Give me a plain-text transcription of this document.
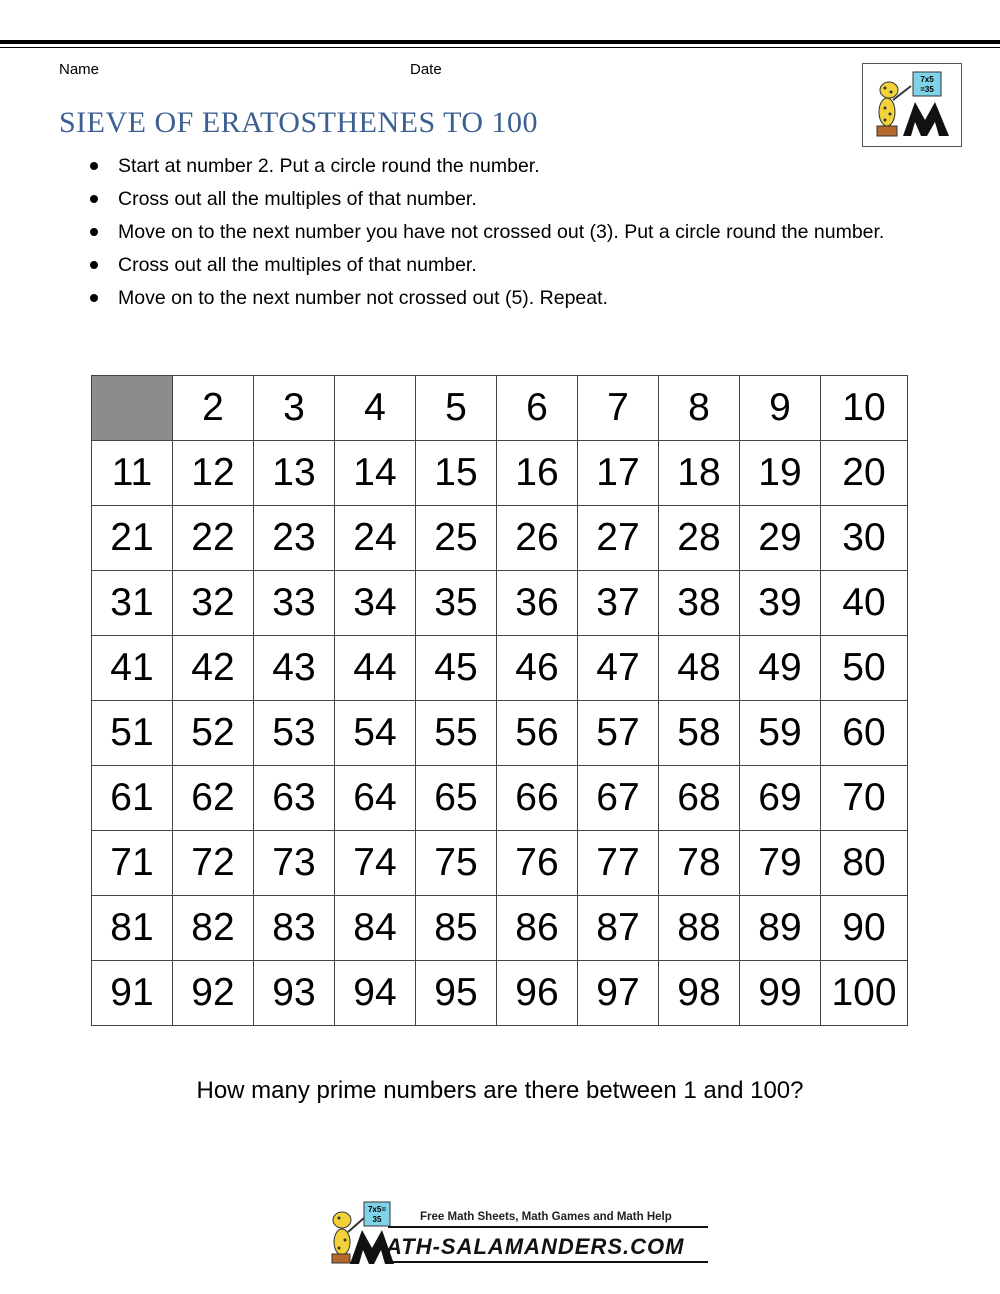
Name	Date
SIEVE OF ERATOSTHENES TO 100
7x5
=35
Start at number 2. Put a circle round the number.
Cross out all the multiples of that number.
Move on to the next number you have not crossed out (3). Put a circle round the number.
Cross out all the multiples of that number.
Move on to the next number not crossed out (5). Repeat.
	2	3	4	5	6	7	8	9	10
11	12	13	14	15	16	17	18	19	20
21	22	23	24	25	26	27	28	29	30
31	32	33	34	35	36	37	38	39	40
41	42	43	44	45	46	47	48	49	50
51	52	53	54	55	56	57	58	59	60
61	62	63	64	65	66	67	68	69	70
71	72	73	74	75	76	77	78	79	80
81	82	83	84	85	86	87	88	89	90
91	92	93	94	95	96	97	98	99	100
How many prime numbers are there between 1 and 100?
7x5=
35	Free Math Sheets, Math Games and Math Help
ATH-SALAMANDERS.COM
